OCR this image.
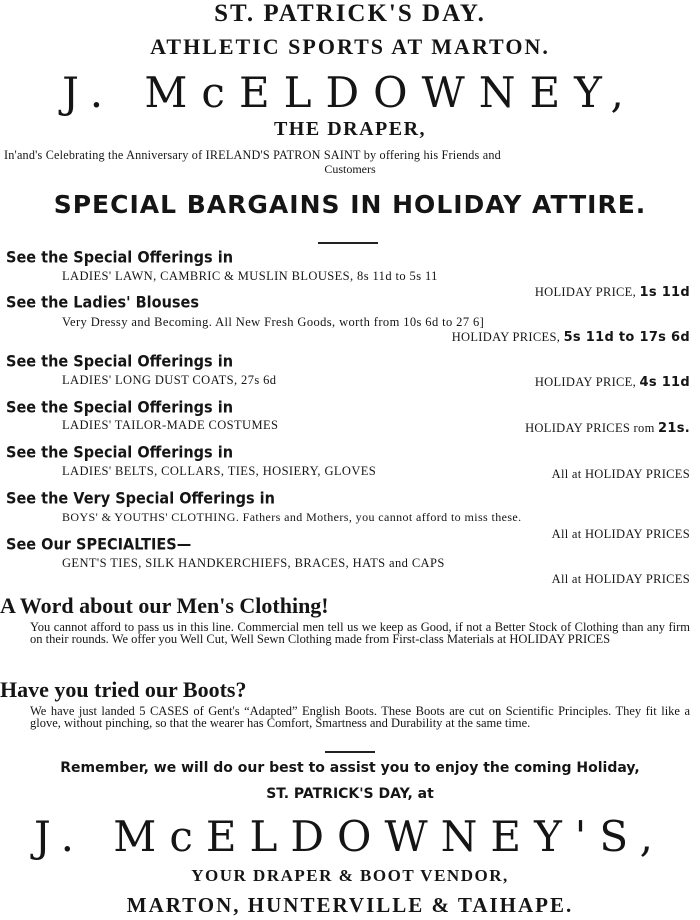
ST. PATRICK'S DAY.
ATHLETIC SPORTS AT MARTON.
J. McELDOWNEY,
THE DRAPER,
In'and's Celebrating the Anniversary of IRELAND'S PATRON SAINT by offering his Friends and
Customers
SPECIAL BARGAINS IN HOLIDAY ATTIRE.
See the Special Offerings in
LADIES' LAWN, CAMBRIC & MUSLIN BLOUSES, 8s 11d to 5s 11
HOLIDAY PRICE, 1s 11d
See the Ladies' Blouses
Very Dressy and Becoming. All New Fresh Goods, worth from 10s 6d to 27 6]
HOLIDAY PRICES, 5s 11d to 17s 6d
See the Special Offerings in
LADIES' LONG DUST COATS, 27s 6d	HOLIDAY PRICE, 4s 11d
See the Special Offerings in
LADIES' TAILOR-MADE COSTUMES	HOLIDAY PRICES rom 21s.
See the Special Offerings in
LADIES' BELTS, COLLARS, TIES, HOSIERY, GLOVES	All at HOLIDAY PRICES
See the Very Special Offerings in
BOYS' & YOUTHS' CLOTHING. Fathers and Mothers, you cannot afford to miss these.
All at HOLIDAY PRICES
See Our SPECIALTIES—
GENT'S TIES, SILK HANDKERCHIEFS, BRACES, HATS and CAPS
All at HOLIDAY PRICES
A Word about our Men's Clothing!
You cannot afford to pass us in this line. Commercial men tell us we keep as Good, if not a Better Stock of Clothing than any firm on their rounds. We offer you Well Cut, Well Sewn Clothing made from First-class Materials at HOLIDAY PRICES
Have you tried our Boots?
We have just landed 5 CASES of Gent's “Adapted” English Boots. These Boots are cut on Scientific Principles. They fit like a glove, without pinching, so that the wearer has Comfort, Smartness and Durability at the same time.
Remember, we will do our best to assist you to enjoy the coming Holiday,
ST. PATRICK'S DAY, at
J. McELDOWNEY'S,
YOUR DRAPER & BOOT VENDOR,
MARTON, HUNTERVILLE & TAIHAPE.
